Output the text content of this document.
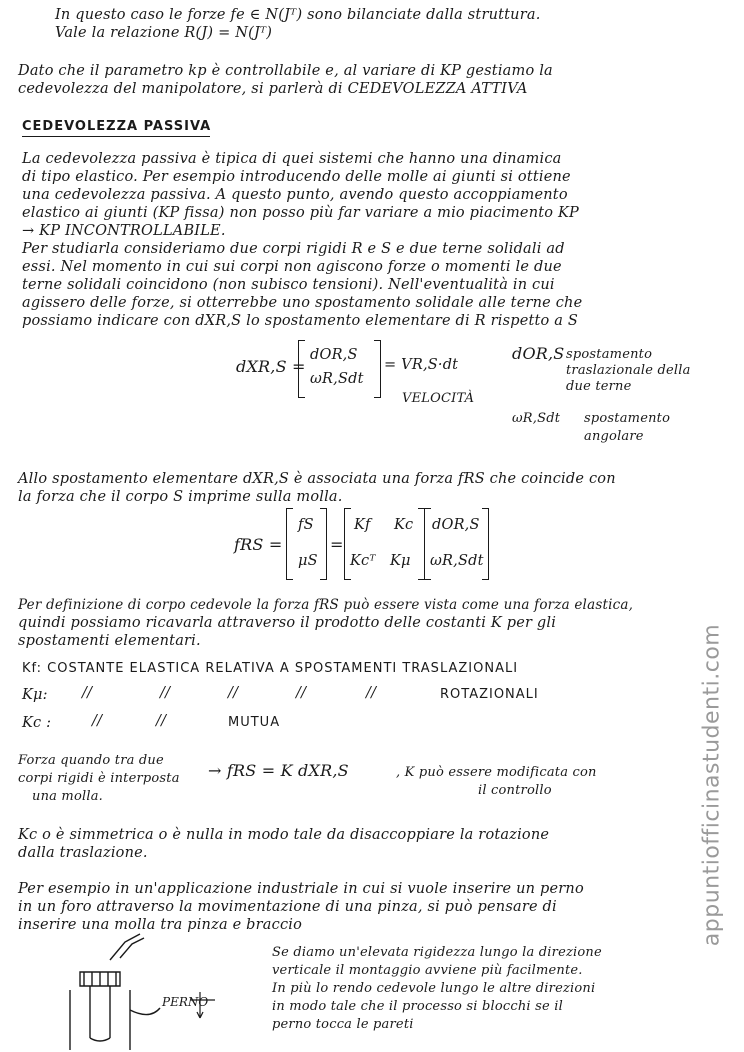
In questo caso le forze fe ∈ N(Jᵀ) sono bilanciate dalla struttura.
Vale la relazione R(J) = N(Jᵀ)
Dato che il parametro kp è controllabile e, al variare di KP gestiamo la
cedevolezza del manipolatore, si parlerà di CEDEVOLEZZA ATTIVA
CEDEVOLEZZA PASSIVA
La cedevolezza passiva è tipica di quei sistemi che hanno una dinamica
di tipo elastico. Per esempio introducendo delle molle ai giunti si ottiene
una cedevolezza passiva. A questo punto, avendo questo accoppiamento
elastico ai giunti (KP fissa) non posso più far variare a mio piacimento KP
→ KP INCONTROLLABILE.
Per studiarla consideriamo due corpi rigidi R e S e due terne solidali ad
essi. Nel momento in cui sui corpi non agiscono forze o momenti le due
terne solidali coincidono (non subisco tensioni). Nell'eventualità in cui
agissero delle forze, si otterrebbe uno spostamento solidale alle terne che
possiamo indicare con dXR,S lo spostamento elementare di R rispetto a S
dXR,S =
dOR,S
ωR,Sdt
= VR,S·dt
VELOCITÀ
dOR,S spostamento
traslazionale della
due terne
ωR,Sdt spostamento
angolare
Allo spostamento elementare dXR,S è associata una forza fRS che coincide con
la forza che il corpo S imprime sulla molla.
fRS =
fS
μS
=
Kf Kc
Kcᵀ Kμ
dOR,S
ωR,Sdt
Per definizione di corpo cedevole la forza fRS può essere vista come una forza elastica,
quindi possiamo ricavarla attraverso il prodotto delle costanti K per gli
spostamenti elementari.
Kf: COSTANTE ELASTICA RELATIVA A SPOSTAMENTI TRASLAZIONALI
Kμ: //	//	//	//	//	ROTAZIONALI
Kc :	//	//	MUTUA
Forza quando tra due
corpi rigidi è interposta
una molla.
→ fRS = K dXR,S	, K può essere modificata con
il controllo
Kc o è simmetrica o è nulla in modo tale da disaccoppiare la rotazione
dalla traslazione.
Per esempio in un'applicazione industriale in cui si vuole inserire un perno
in un foro attraverso la movimentazione di una pinza, si può pensare di
inserire una molla tra pinza e braccio
PERNO
Se diamo un'elevata rigidezza lungo la direzione
verticale il montaggio avviene più facilmente.
In più lo rendo cedevole lungo le altre direzioni
in modo tale che il processo si blocchi se il
perno tocca le pareti
appuntiofficinastudenti.com
